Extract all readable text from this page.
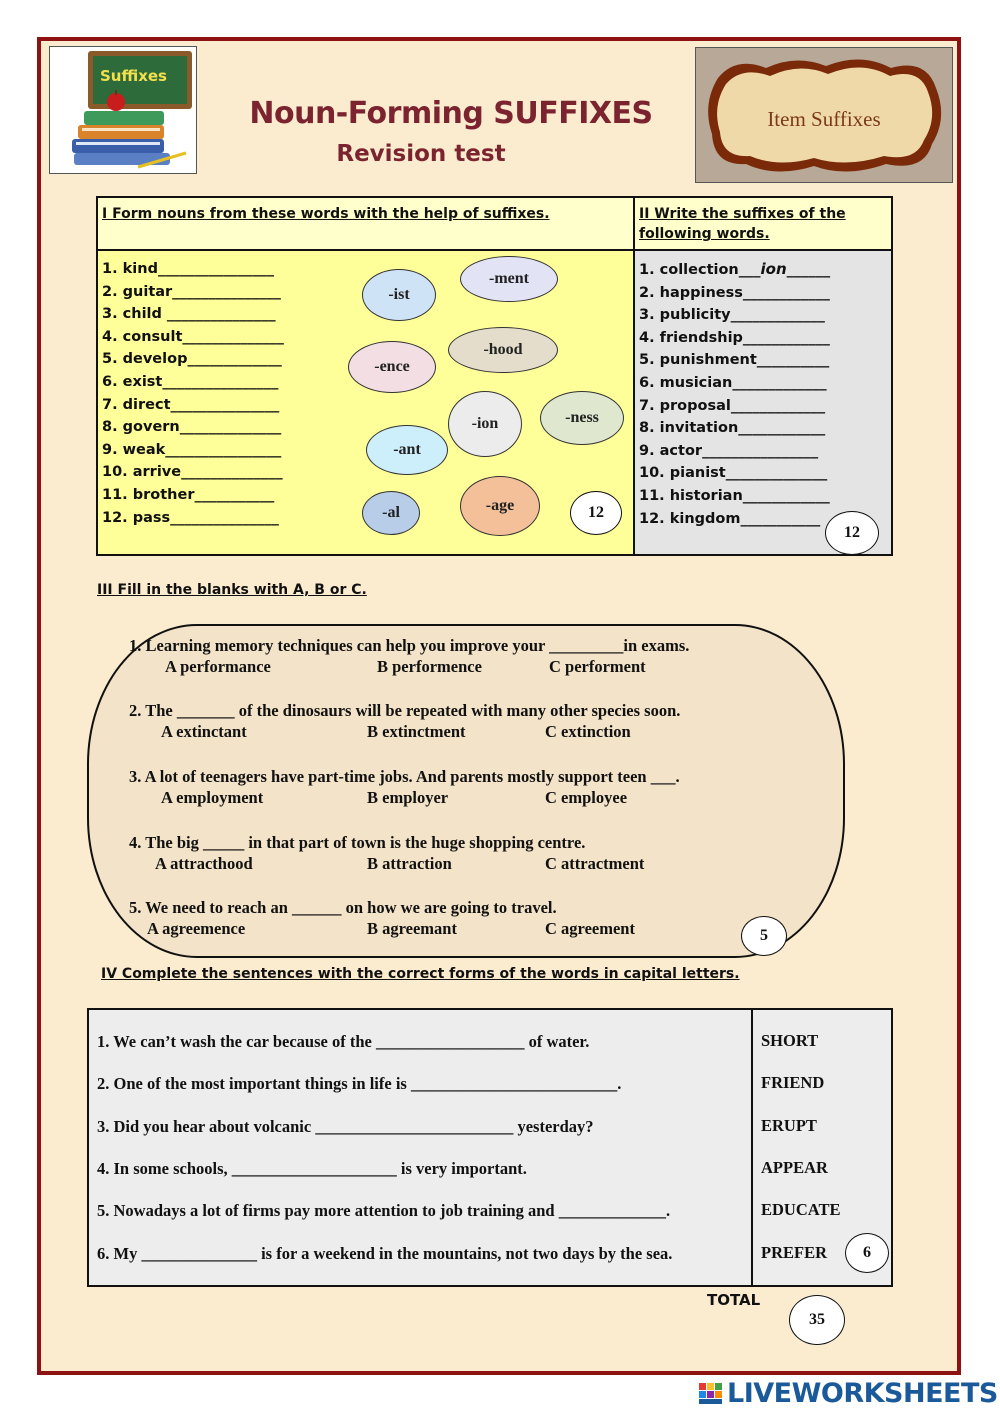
Suffixes
Noun-Forming SUFFIXES
Revision test
Item Suffixes
I Form nouns from these words with the help of suffixes.	II Write the suffixes of the
following words.
1. kind________________
2. guitar_______________
3. child _______________
4. consult______________
5. develop_____________
6. exist________________
7. direct_______________
8. govern______________
9. weak________________
10. arrive______________
11. brother___________
12. pass_______________
-ment
-ist
-hood
-ence
-ion	-ness
-ant
-age
-al	12
1. collection___ion______
2. happiness____________
3. publicity_____________
4. friendship____________
5. punishment__________
6. musician_____________
7. proposal_____________
8. invitation____________
9. actor________________
10. pianist______________
11. historian____________
12. kingdom___________
12
III Fill in the blanks with A, B or C.
1. Learning memory techniques can help you improve your _________in exams.
A performance	B performence	C performent
2. The _______ of the dinosaurs will be repeated with many other species soon.
A extinctant	B extinctment	C extinction
3. A lot of teenagers have part-time jobs. And parents mostly support teen ___.
A employment	B employer	C employee
4. The big _____ in that part of town is the huge shopping centre.
A attracthood	B attraction	C attractment
5. We need to reach an ______ on how we are going to travel.
A agreemence	B agreemant	C agreement	5
IV Complete the sentences with the correct forms of the words in capital letters.
1. We can’t wash the car because of the __________________ of water.	SHORT
2. One of the most important things in life is _________________________.	FRIEND
3. Did you hear about volcanic ________________________ yesterday?	ERUPT
4. In some schools, ____________________ is very important.	APPEAR
5. Nowadays a lot of firms pay more attention to job training and _____________.	EDUCATE
6. My ______________ is for a weekend in the mountains, not two days by the sea.	PREFER	6
TOTAL
35
LIVEWORKSHEETS
